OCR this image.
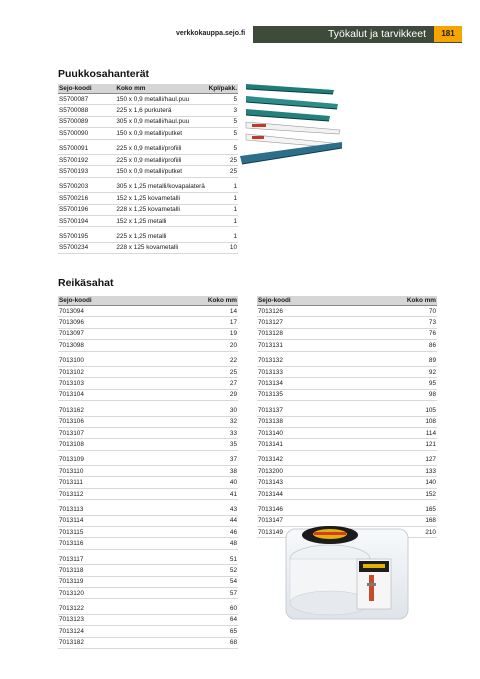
verkkokauppa.sejo.fi	Työkalut ja tarvikkeet	181
Puukkosahanterät
Sejo-koodi	Koko mm	Kpl/pakk.
S5700087	150 x 0,9 metalli/haul.puu	5
S5700088	225 x 1,6 purkuterä	3
S5700089	305 x 0,9 metalli/haul.puu	5
S5700090	150 x 0,9 metalli/putket	5
S5700091	225 x 0,9 metalli/profiili	5
S5700192	225 x 0,9 metalli/profiili	25
S5700193	150 x 0,9 metalli/putket	25
S5700203	305 x 1,25 metalli/kovapalaterä	1
S5700216	152 x 1,25 kovametalli	1
S5700196	228 x 1,25 kovametalli	1
S5700194	152 x 1,25 metalli	1
S5700195	225 x 1,25 metalli	1
S5700234	228 x 125 kovametalli	10
Reikäsahat
Sejo-koodi	Koko mm
7013094	14
7013096	17
7013097	19
7013098	20
7013100	22
7013102	25
7013103	27
7013104	29
7013162	30
7013106	32
7013107	33
7013108	35
7013109	37
7013110	38
7013111	40
7013112	41
7013113	43
7013114	44
7013115	46
7013116	48
7013117	51
7013118	52
7013119	54
7013120	57
7013122	60
7013123	64
7013124	65
7013182	68
Sejo-koodi	Koko mm
7013126	70
7013127	73
7013128	76
7013131	86
7013132	89
7013133	92
7013134	95
7013135	98
7013137	105
7013138	108
7013140	114
7013141	121
7013142	127
7013200	133
7013143	140
7013144	152
7013146	165
7013147	168
7013149	210
